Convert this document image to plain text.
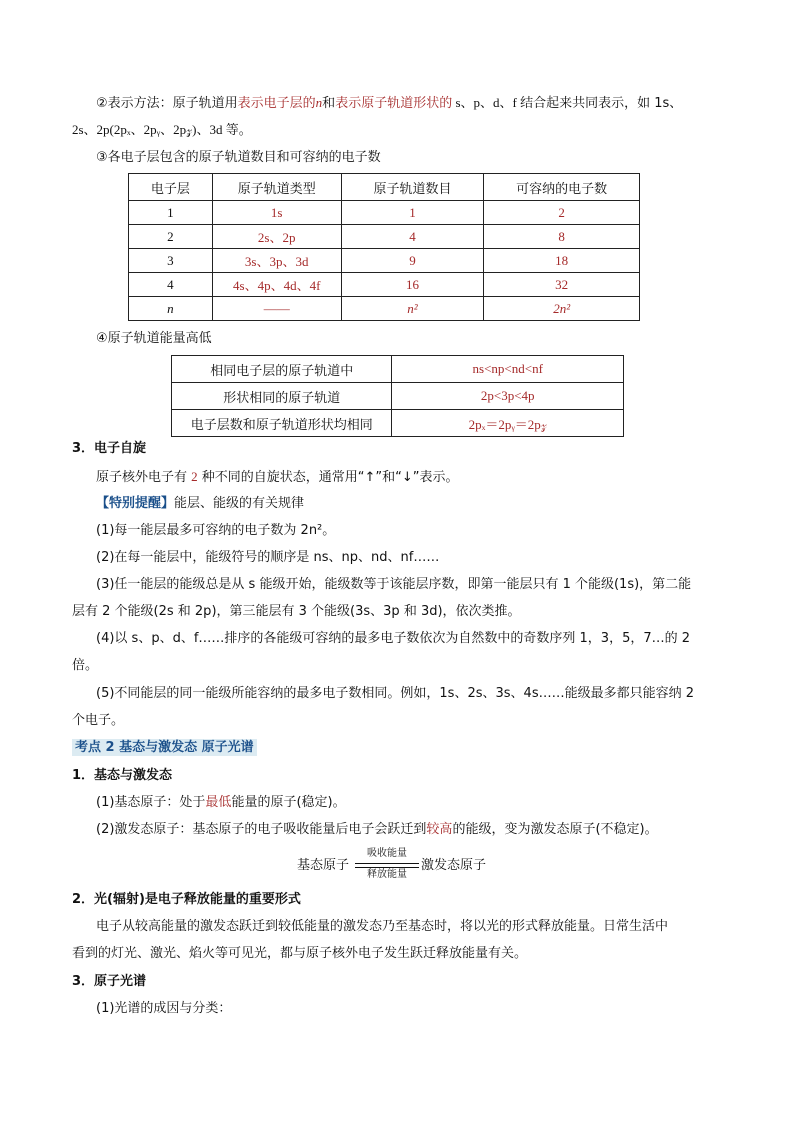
②表示方法：原子轨道用表示电子层的n和表示原子轨道形状的 s、p、d、f 结合起来共同表示，如 1s、
2s、2p(2pₓ、2pᵧ、2p𝓏)、3d 等。
③各电子层包含的原子轨道数目和可容纳的电子数
电子层	原子轨道类型	原子轨道数目	可容纳的电子数
1	1s	1	2
2	2s、2p	4	8
3	3s、3p、3d	9	18
4	4s、4p、4d、4f	16	32
n	——	n²	2n²
④原子轨道能量高低
相同电子层的原子轨道中	ns<np<nd<nf
形状相同的原子轨道	2p<3p<4p
电子层数和原子轨道形状均相同	2pₓ＝2pᵧ＝2p𝓏
3．电子自旋
原子核外电子有 2 种不同的自旋状态，通常用“↑”和“↓”表示。
【特别提醒】能层、能级的有关规律
(1)每一能层最多可容纳的电子数为 2n²。
(2)在每一能层中，能级符号的顺序是 ns、np、nd、nf……
(3)任一能层的能级总是从 s 能级开始，能级数等于该能层序数，即第一能层只有 1 个能级(1s)，第二能
层有 2 个能级(2s 和 2p)，第三能层有 3 个能级(3s、3p 和 3d)，依次类推。
(4)以 s、p、d、f……排序的各能级可容纳的最多电子数依次为自然数中的奇数序列 1，3，5，7…的 2
倍。
(5)不同能层的同一能级所能容纳的最多电子数相同。例如，1s、2s、3s、4s……能级最多都只能容纳 2
个电子。
考点 2 基态与激发态 原子光谱
1．基态与激发态
(1)基态原子：处于最低能量的原子(稳定)。
(2)激发态原子：基态原子的电子吸收能量后电子会跃迁到较高的能级，变为激发态原子(不稳定)。
基态原子
吸收能量
释放能量
激发态原子
2．光(辐射)是电子释放能量的重要形式
电子从较高能量的激发态跃迁到较低能量的激发态乃至基态时，将以光的形式释放能量。日常生活中
看到的灯光、激光、焰火等可见光，都与原子核外电子发生跃迁释放能量有关。
3．原子光谱
(1)光谱的成因与分类：
